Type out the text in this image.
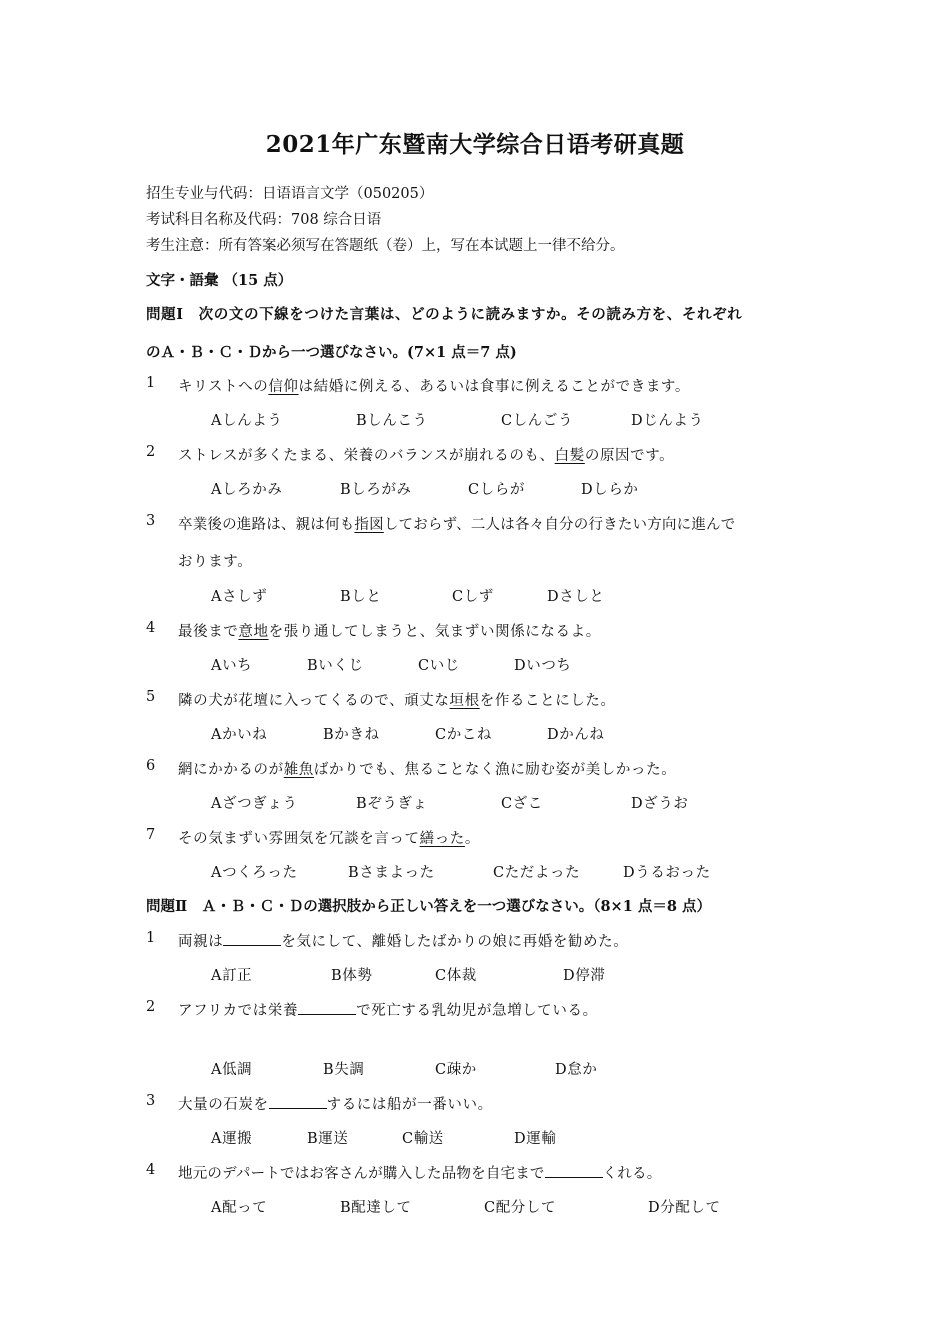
2021年广东暨南大学综合日语考研真题
招生专业与代码：日语语言文学（050205）
考试科目名称及代码：708 综合日语
考生注意：所有答案必须写在答题纸（卷）上，写在本试题上一律不给分。
文字・語彙 （15 点）
問題Ⅰ　次の文の下線をつけた言葉は、どのように読みますか。その読み方を、それぞれ
のＡ・Ｂ・Ｃ・Ｄから一つ選びなさい。(7×1 点＝7 点)
1 キリストへの信仰は結婚に例える、あるいは食事に例えることができます。
Aしんよう	Bしんこう	Cしんごう	Dじんよう
2 ストレスが多くたまる、栄養のバランスが崩れるのも、白髪の原因です。
Aしろかみ	Bしろがみ	Cしらが	Dしらか
3 卒業後の進路は、親は何も指図しておらず、二人は各々自分の行きたい方向に進んで
おります。
Aさしず	Bしと	Cしず	Dさしと
4 最後まで意地を張り通してしまうと、気まずい関係になるよ。
Aいち	Bいくじ	Cいじ	Dいつち
5 隣の犬が花壇に入ってくるので、頑丈な垣根を作ることにした。
Aかいね	Bかきね	Cかこね	Dかんね
6 網にかかるのが雑魚ばかりでも、焦ることなく漁に励む姿が美しかった。
Aざつぎょう	Bぞうぎょ	Cざこ	Dざうお
7 その気まずい雰囲気を冗談を言って繕った。
Aつくろった	Bさまよった	Cただよった	Dうるおった
問題Ⅱ　Ａ・Ｂ・Ｃ・Ｄの選択肢から正しい答えを一つ選びなさい。（8×1 点＝8 点）
1 両親は	を気にして、離婚したばかりの娘に再婚を勧めた。
A訂正	B体勢	C体裁	D停滞
2 アフリカでは栄養	で死亡する乳幼児が急増している。
A低調	B失調	C疎か	D怠か
3 大量の石炭を	するには船が一番いい。
A運搬	B運送	C輸送	D運輸
4 地元のデパートではお客さんが購入した品物を自宅まで	くれる。
A配って	B配達して	C配分して	D分配して
